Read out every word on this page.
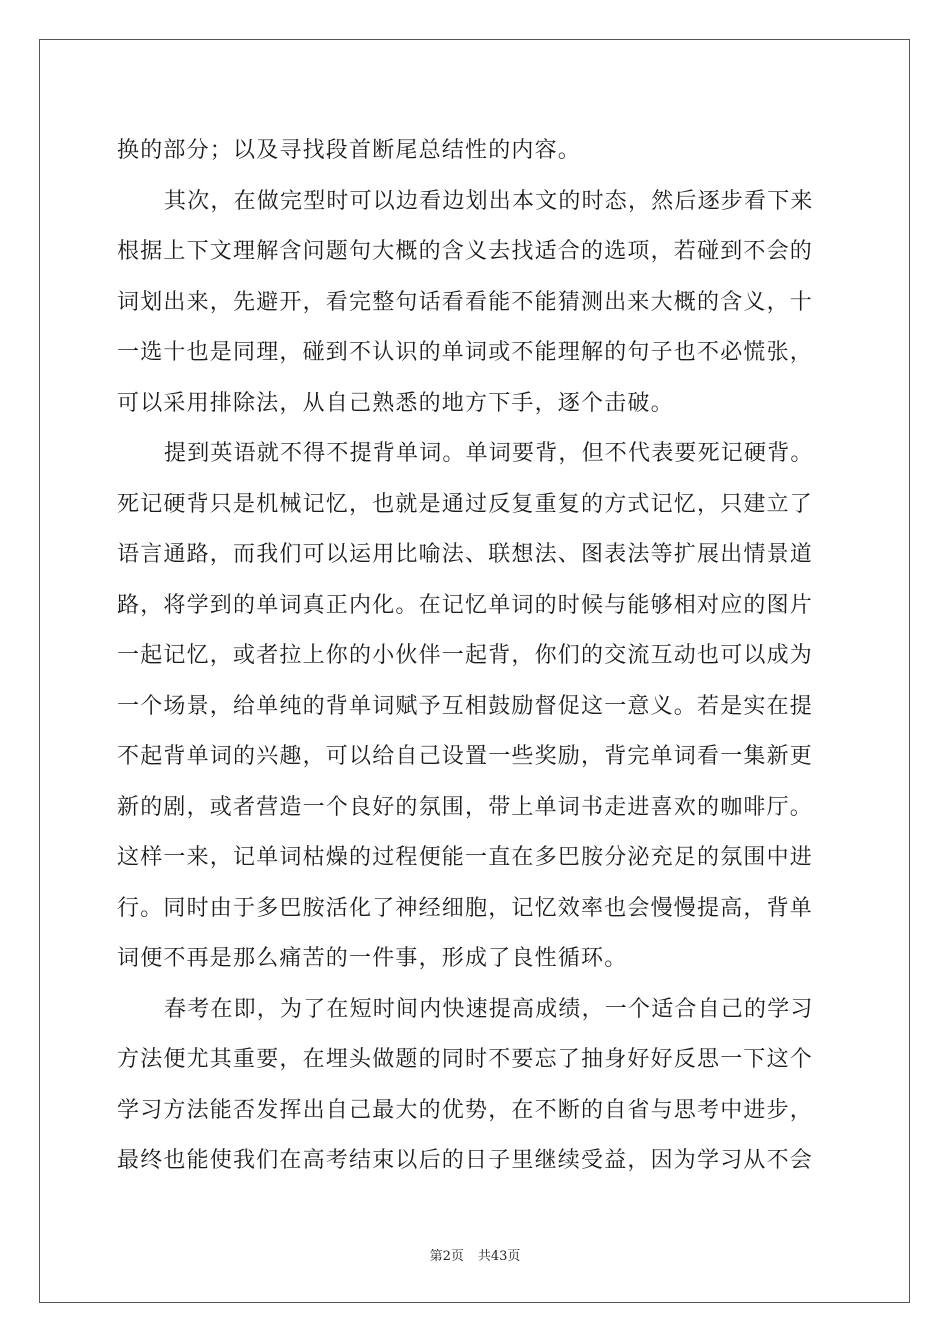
换的部分；以及寻找段首断尾总结性的内容。
其次，在做完型时可以边看边划出本文的时态，然后逐步看下来
根据上下文理解含问题句大概的含义去找适合的选项，若碰到不会的
词划出来，先避开，看完整句话看看能不能猜测出来大概的含义，十
一选十也是同理，碰到不认识的单词或不能理解的句子也不必慌张，
可以采用排除法，从自己熟悉的地方下手，逐个击破。
提到英语就不得不提背单词。单词要背，但不代表要死记硬背。
死记硬背只是机械记忆，也就是通过反复重复的方式记忆，只建立了
语言通路，而我们可以运用比喻法、联想法、图表法等扩展出情景道
路，将学到的单词真正内化。在记忆单词的时候与能够相对应的图片
一起记忆，或者拉上你的小伙伴一起背，你们的交流互动也可以成为
一个场景，给单纯的背单词赋予互相鼓励督促这一意义。若是实在提
不起背单词的兴趣，可以给自己设置一些奖励，背完单词看一集新更
新的剧，或者营造一个良好的氛围，带上单词书走进喜欢的咖啡厅。
这样一来，记单词枯燥的过程便能一直在多巴胺分泌充足的氛围中进
行。同时由于多巴胺活化了神经细胞，记忆效率也会慢慢提高，背单
词便不再是那么痛苦的一件事，形成了良性循环。
春考在即，为了在短时间内快速提高成绩，一个适合自己的学习
方法便尤其重要，在埋头做题的同时不要忘了抽身好好反思一下这个
学习方法能否发挥出自己最大的优势，在不断的自省与思考中进步，
最终也能使我们在高考结束以后的日子里继续受益，因为学习从不会
第2页 共43页
